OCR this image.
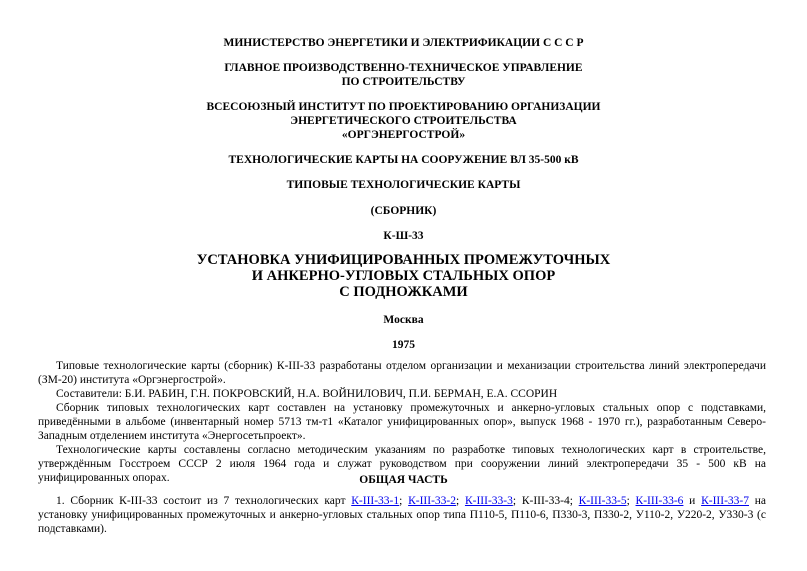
МИНИСТЕРСТВО ЭНЕРГЕТИКИ И ЭЛЕКТРИФИКАЦИИ С С С Р
ГЛАВНОЕ ПРОИЗВОДСТВЕННО-ТЕХНИЧЕСКОЕ УПРАВЛЕНИЕ
ПО СТРОИТЕЛЬСТВУ
ВСЕСОЮЗНЫЙ ИНСТИТУТ ПО ПРОЕКТИРОВАНИЮ ОРГАНИЗАЦИИ
ЭНЕРГЕТИЧЕСКОГО СТРОИТЕЛЬСТВА
«ОРГЭНЕРГОСТРОЙ»
ТЕХНОЛОГИЧЕСКИЕ КАРТЫ НА СООРУЖЕНИЕ ВЛ 35-500 кВ
ТИПОВЫЕ ТЕХНОЛОГИЧЕСКИЕ КАРТЫ
(СБОРНИК)
К-Ш-33
УСТАНОВКА УНИФИЦИРОВАННЫХ ПРОМЕЖУТОЧНЫХ
И АНКЕРНО-УГЛОВЫХ СТАЛЬНЫХ ОПОР
С ПОДНОЖКАМИ
Москва
1975
Типовые технологические карты (сборник) К-III-33 разработаны отделом организации и механизации строительства линий электропередачи (ЗМ-20) института «Оргэнергострой».
Составители: Б.И. РАБИН, Г.Н. ПОКРОВСКИЙ, Н.А. ВОЙНИЛОВИЧ, П.И. БЕРМАН, Е.А. ССОРИН
Сборник типовых технологических карт составлен на установку промежуточных и анкерно-угловых стальных опор с подставками, приведёнными в альбоме (инвентарный номер 5713 тм-т1 «Каталог унифицированных опор», выпуск 1968 - 1970 гг.), разработанным Северо-Западным отделением института «Энергосетьпроект».
Технологические карты составлены согласно методическим указаниям по разработке типовых технологических карт в строительстве, утверждённым Госстроем СССР 2 июля 1964 года и служат руководством при сооружении линий электропередачи 35 - 500 кВ на унифицированных опорах.	ОБЩАЯ ЧАСТЬ
1. Сборник К-III-33 состоит из 7 технологических карт К-III-33-1; К-III-33-2; К-III-33-3; К-III-33-4; К-III-33-5; К-III-33-6 и К-III-33-7 на установку унифицированных промежуточных и анкерно-угловых стальных опор типа П110-5, П110-6, П330-3, П330-2, У110-2, У220-2, У330-3 (с подставками).
